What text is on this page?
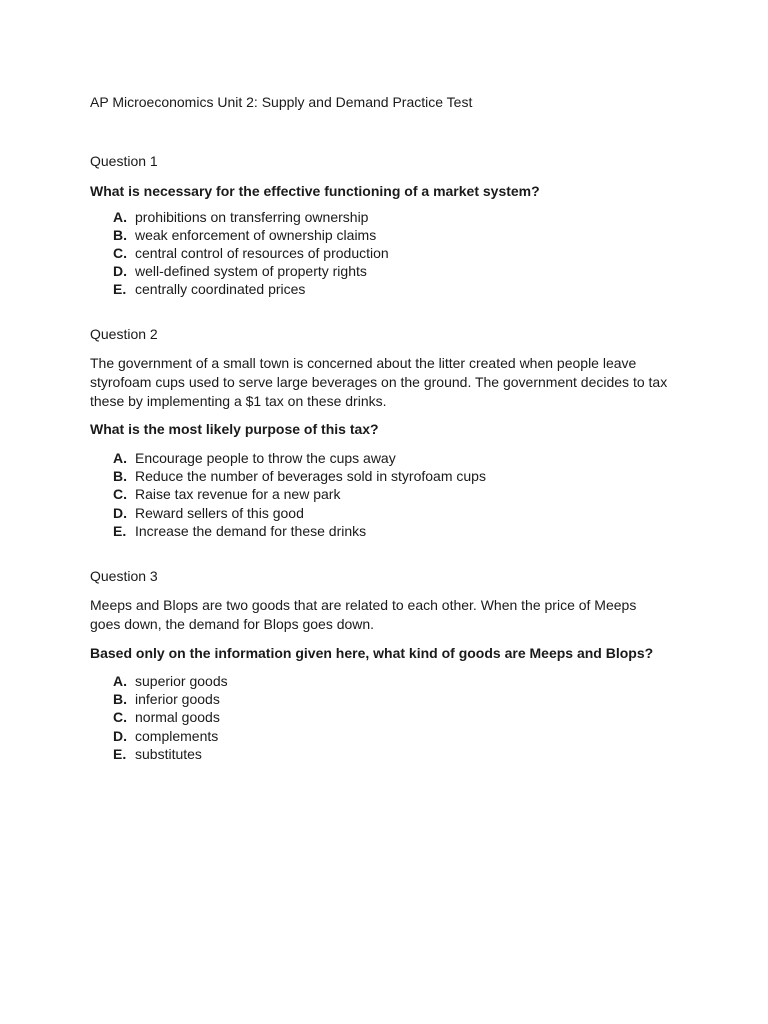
AP Microeconomics Unit 2: Supply and Demand Practice Test
Question 1

What is necessary for the effective functioning of a market system?

A. prohibitions on transferring ownership
B. weak enforcement of ownership claims
C. central control of resources of production
D. well-defined system of property rights
E. centrally coordinated prices
Question 2

The government of a small town is concerned about the litter created when people leave styrofoam cups used to serve large beverages on the ground. The government decides to tax these by implementing a $1 tax on these drinks.

What is the most likely purpose of this tax?

A. Encourage people to throw the cups away
B. Reduce the number of beverages sold in styrofoam cups
C. Raise tax revenue for a new park
D. Reward sellers of this good
E. Increase the demand for these drinks
Question 3

Meeps and Blops are two goods that are related to each other. When the price of Meeps goes down, the demand for Blops goes down.

Based only on the information given here, what kind of goods are Meeps and Blops?

A. superior goods
B. inferior goods
C. normal goods
D. complements
E. substitutes
